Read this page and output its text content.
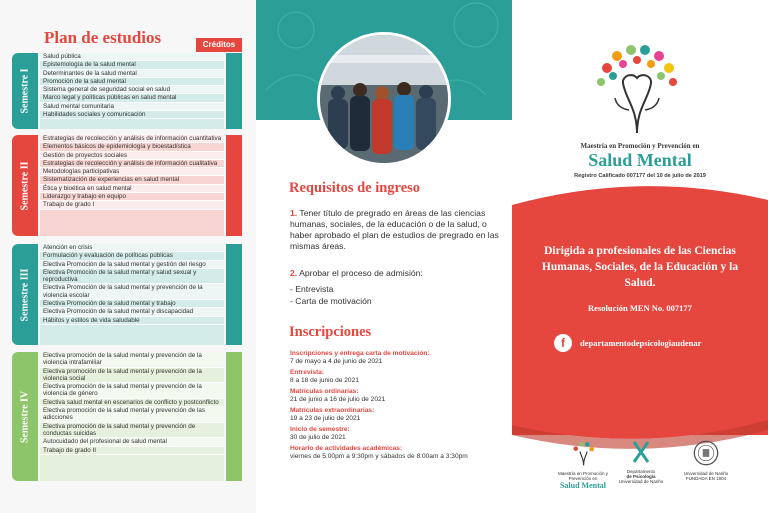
Plan de estudios	Créditos
Semestre I
Salud pública
Epistemología de la salud mental
Determinantes de la salud mental
Promoción de la salud mental
Sistema general de seguridad social en salud
Marco legal y políticas públicas en salud mental
Salud mental comunitaria
Habilidades sociales y comunicación
Semestre II
Estrategias de recolección y análisis de información cuantitativa
Elementos básicos de epidemiología y bioestadística
Gestión de proyectos sociales
Estrategias de recolección y análisis de información cualitativa
Metodologías participativas
Sistematización de experiencias en salud mental
Ética y bioética en salud mental
Liderazgo y trabajo en equipo
Trabajo de grado I
Semestre III
Atención en crisis
Formulación y evaluación de políticas públicas
Electiva Promoción de la salud mental y gestión del riesgo
Electiva Promoción de la salud mental y salud sexual y reproductiva
Electiva Promoción de la salud mental y prevención de la violencia escolar
Electiva Promoción de la salud mental y trabajo
Electiva Promoción de la salud mental y discapacidad
Hábitos y estilos de vida saludable
Semestre IV
Electiva promoción de la salud mental y prevención de la violencia intrafamiliar
Electiva promoción de la salud mental y prevención de la violencia social
Electiva promoción de la salud mental y prevención de la violencia de género
Electiva salud mental en escenarios de conflicto y postconflicto
Electiva promoción de la salud mental y prevención de las adicciones
Electiva promoción de la salud mental y prevención de conductas suicidas
Autocuidado del profesional de salud mental
Trabajo de grado II
Requisitos de ingreso
1. Tener título de pregrado en áreas de las ciencias humanas, sociales, de la educación o de la salud, o haber aprobado el plan de estudios de pregrado en las mismas áreas.
2. Aprobar el proceso de admisión:
- Entrevista
- Carta de motivación
Inscripciones
Inscripciones y entrega carta de motivación:
7 de mayo a 4 de junio de 2021
Entrevista:
8 a 18 de junio de 2021
Matrículas ordinarias:
21 de junio a 16 de julio de 2021
Matrículas extraordinarias:
19 a 23 de julio de 2021
Inicio de semestre:
30 de julio de 2021
Horario de actividades académicas:
viernes de 5:00pm a 9:30pm y sábados de 8:00am a 3:30pm
Maestría en Promoción y Prevención en
Salud Mental
Registro Calificado 007177 del 10 de julio de 2019
Dirigida a profesionales de las Ciencias Humanas, Sociales, de la Educación y la Salud.
Resolución MEN No. 007177
f	departamentodepsicologiaudenar
Maestría en Promoción y Prevención en
Salud Mental
Departamento
de Psicología
Universidad de Nariño
Universidad de Nariño
FUNDADA EN 1904
